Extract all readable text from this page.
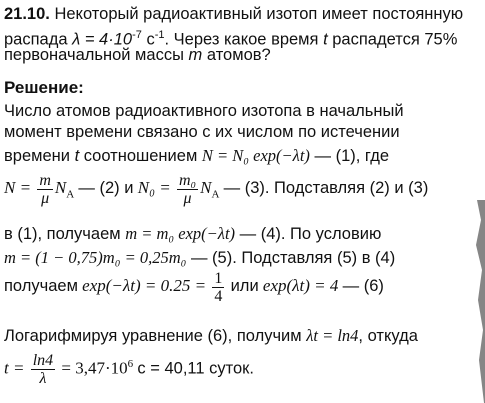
21.10. Некоторый радиоактивный изотоп имеет постоянную
распада $\lambda = 4\cdot 10^{-7}$ $с^{-1}$. Через какое время t распадется 75%
первоначальной массы m атомов?
Решение:
Число атомов радиоактивного изотопа в начальный
момент времени связано с их числом по истечении
времени t соотношением N = N₀ exp(−λt) — (1), где
$N = \frac{m}{\mu} N_A$ — (2) и $N_0 = \frac{\text{m₀}}{\mu} N_A$ — (3). Подставляя (2) и (3)
в (1), получаем m = m₀ exp(−λt) — (4). По условию
m = (1 − 0,75)m₀ = 0,25m₀ — (5). Подставляя (5) в (4)
получаем $\exp(-\lambda t) = 0.25 = \frac{1}{4}$ или exp(λt) = 4 — (6)
Логарифмируя уравнение (6), получим λt = ln4, откуда
$t = \frac{\ln 4}{\lambda} = 3,47\cdot 10^6$ с = 40,11 суток.
